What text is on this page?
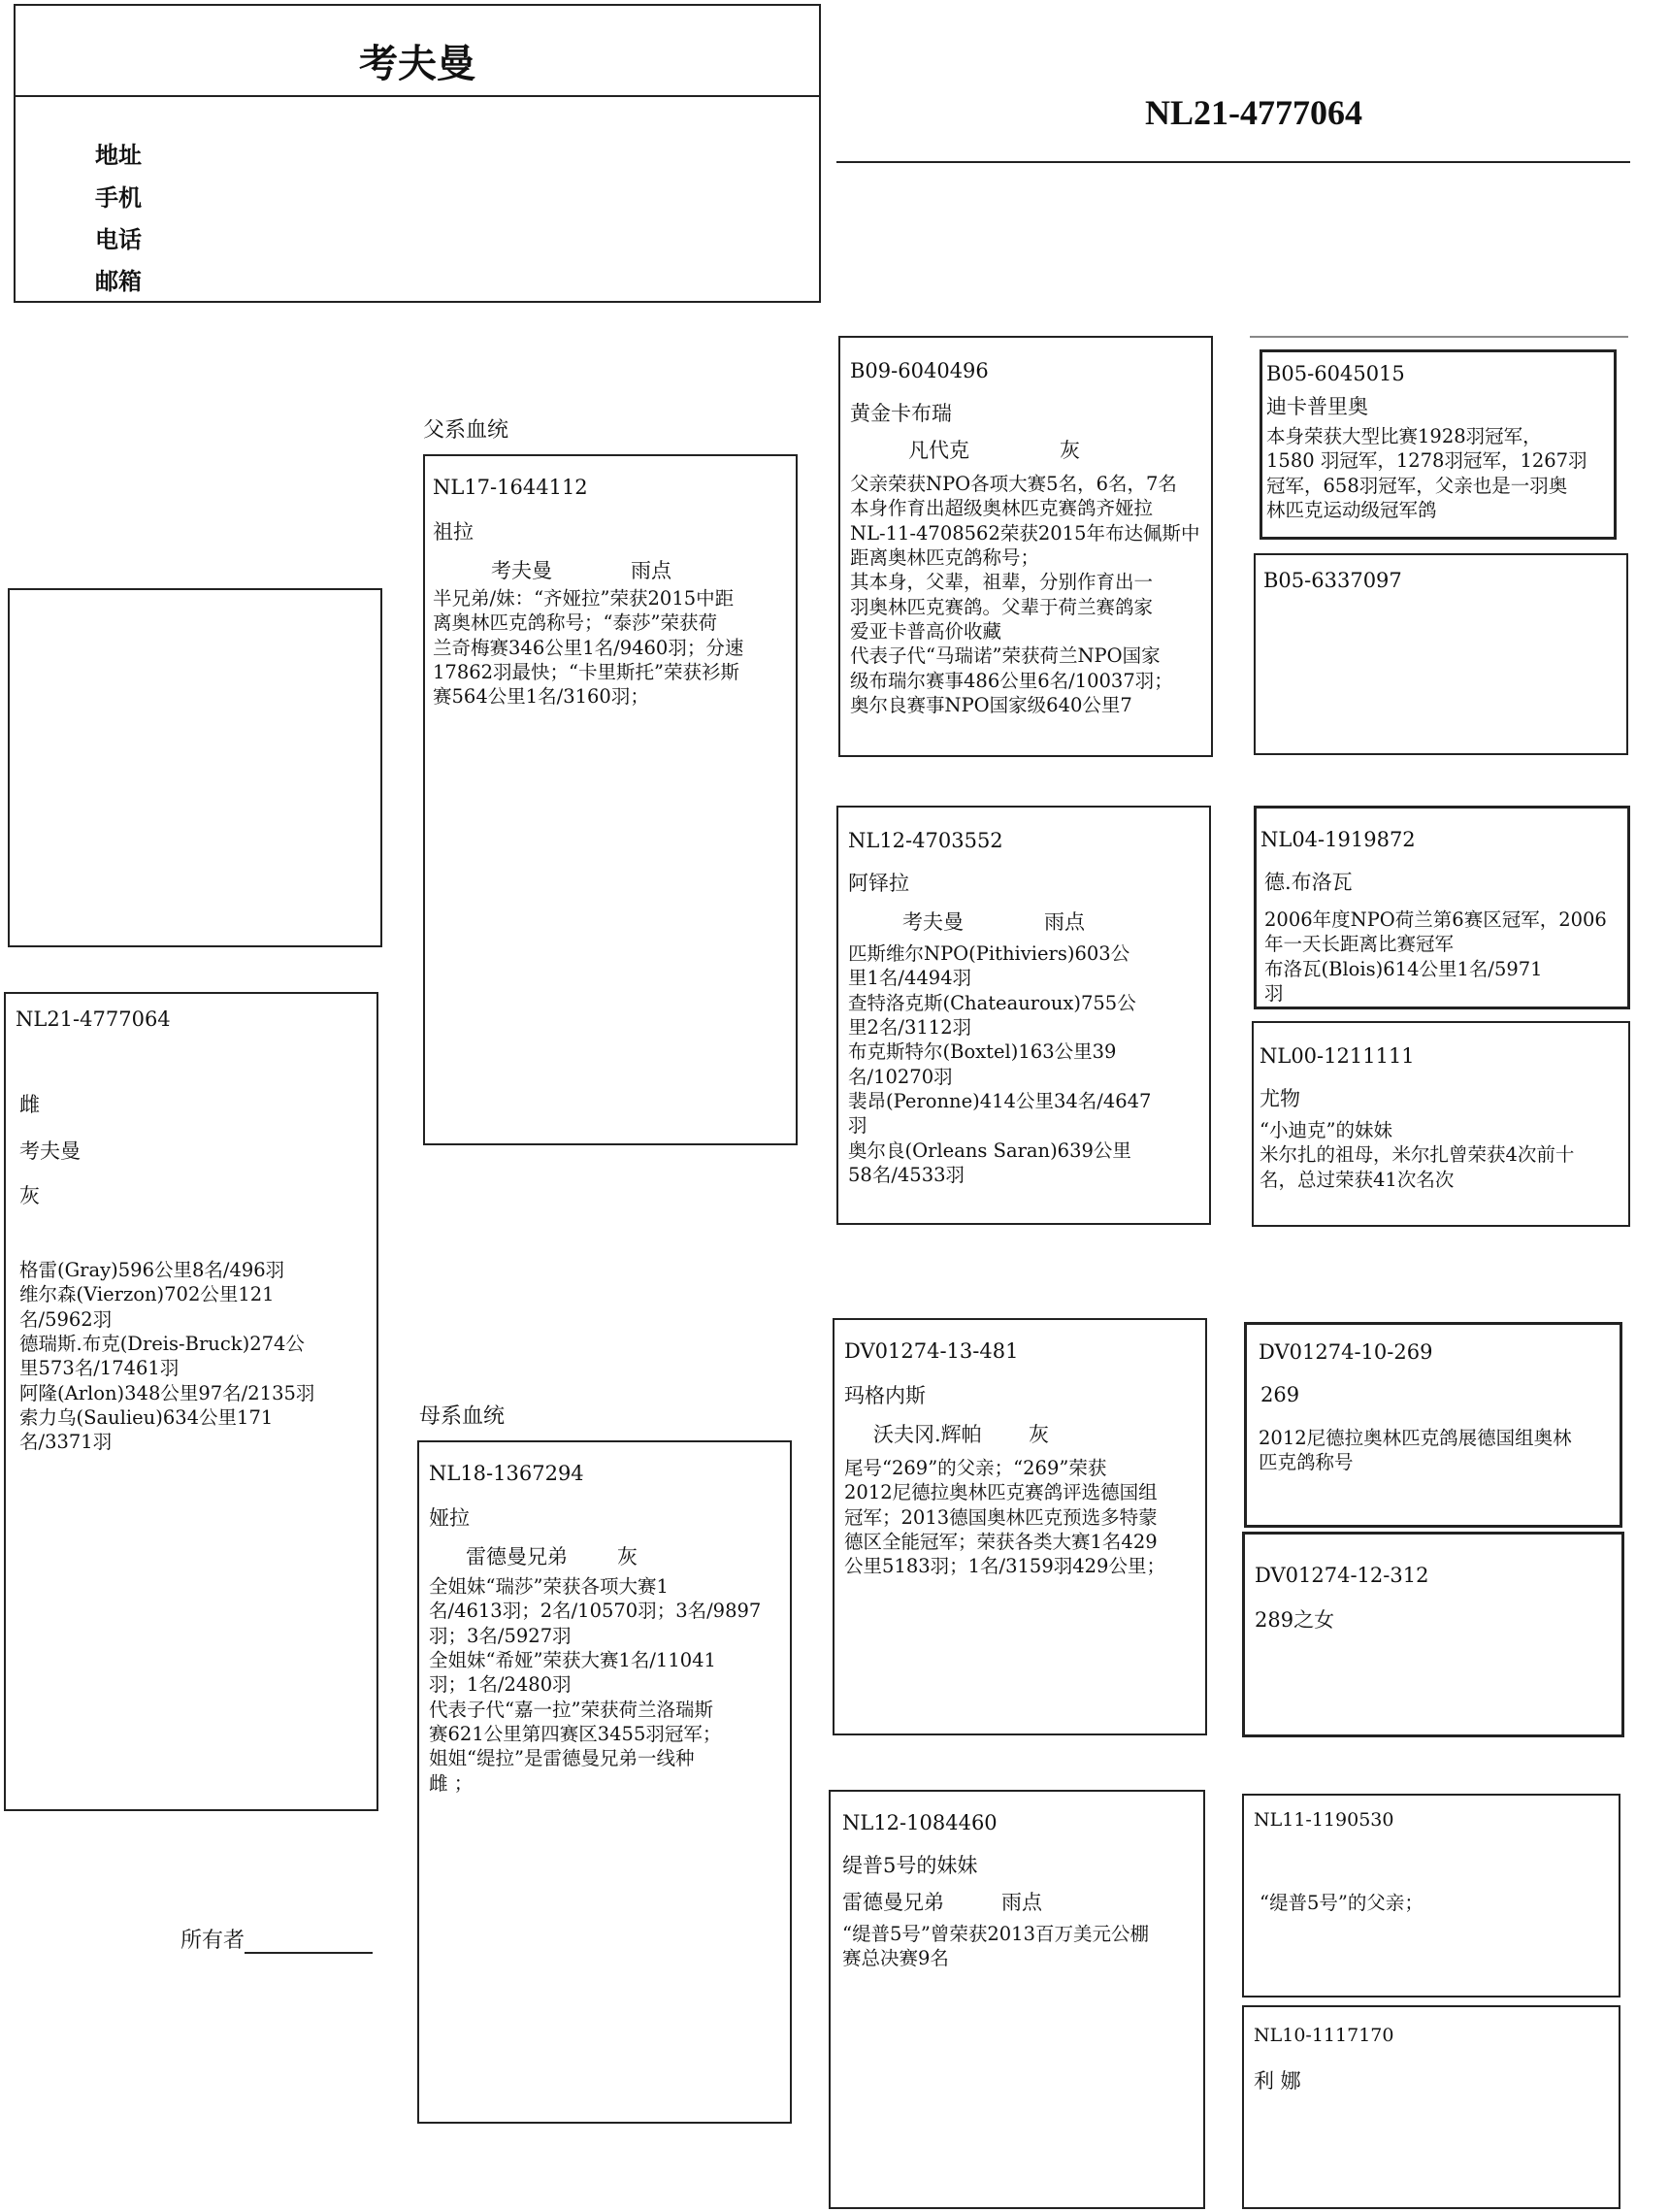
考夫曼
地址
手机
电话
邮箱
NL21-4777064
NL21-4777064
雌
考夫曼
灰
格雷(Gray)596公里8名/496羽
维尔森(Vierzon)702公里121
名/5962羽
德瑞斯.布克(Dreis-Bruck)274公
里573名/17461羽
阿隆(Arlon)348公里97名/2135羽
索力乌(Saulieu)634公里171
名/3371羽
所有者
父系血统
母系血统
NL17-1644112
祖拉
考夫曼	雨点
半兄弟/妹：“齐娅拉”荣获2015中距
离奥林匹克鸽称号；“泰莎”荣获荷
兰奇梅赛346公里1名/9460羽；分速
17862羽最快；“卡里斯托”荣获衫斯
赛564公里1名/3160羽；
NL18-1367294
娅拉
雷德曼兄弟 灰
全姐妹“瑞莎”荣获各项大赛1
名/4613羽；2名/10570羽；3名/9897
羽；3名/5927羽
全姐妹“希娅”荣获大赛1名/11041
羽；1名/2480羽
代表子代“嘉一拉”荣获荷兰洛瑞斯
赛621公里第四赛区3455羽冠军；
姐姐“缇拉”是雷德曼兄弟一线种
雌 ；
B09-6040496
黄金卡布瑞
凡代克	灰
父亲荣获NPO各项大赛5名，6名，7名
本身作育出超级奥林匹克赛鸽齐娅拉
NL-11-4708562荣获2015年布达佩斯中
距离奥林匹克鸽称号；
其本身，父辈，祖辈，分别作育出一
羽奥林匹克赛鸽。父辈于荷兰赛鸽家
爱亚卡普高价收藏
代表子代“马瑞诺”荣获荷兰NPO国家
级布瑞尔赛事486公里6名/10037羽；
奥尔良赛事NPO国家级640公里7
NL12-4703552
阿铎拉
考夫曼	雨点
匹斯维尔NPO(Pithiviers)603公
里1名/4494羽
查特洛克斯(Chateauroux)755公
里2名/3112羽
布克斯特尔(Boxtel)163公里39
名/10270羽
裴昂(Peronne)414公里34名/4647
羽
奥尔良(Orleans Saran)639公里
58名/4533羽
DV01274-13-481
玛格内斯
沃夫冈.辉帕 灰
尾号“269”的父亲；“269”荣获
2012尼德拉奥林匹克赛鸽评选德国组
冠军；2013德国奥林匹克预选多特蒙
德区全能冠军；荣获各类大赛1名429
公里5183羽；1名/3159羽429公里；
NL12-1084460
缇普5号的妹妹
雷德曼兄弟	雨点
“缇普5号”曾荣获2013百万美元公棚
赛总决赛9名
B05-6045015
迪卡普里奥
本身荣获大型比赛1928羽冠军，
1580 羽冠军，1278羽冠军，1267羽
冠军，658羽冠军，父亲也是一羽奥
林匹克运动级冠军鸽
B05-6337097
NL04-1919872
德.布洛瓦
2006年度NPO荷兰第6赛区冠军，2006
年一天长距离比赛冠军
布洛瓦(Blois)614公里1名/5971
羽
NL00-1211111
尤物
“小迪克”的妹妹
米尔扎的祖母，米尔扎曾荣获4次前十
名，总过荣获41次名次
DV01274-10-269
269
2012尼德拉奥林匹克鸽展德国组奥林
匹克鸽称号
DV01274-12-312
289之女
NL11-1190530
“缇普5号”的父亲；
NL10-1117170
利 娜
